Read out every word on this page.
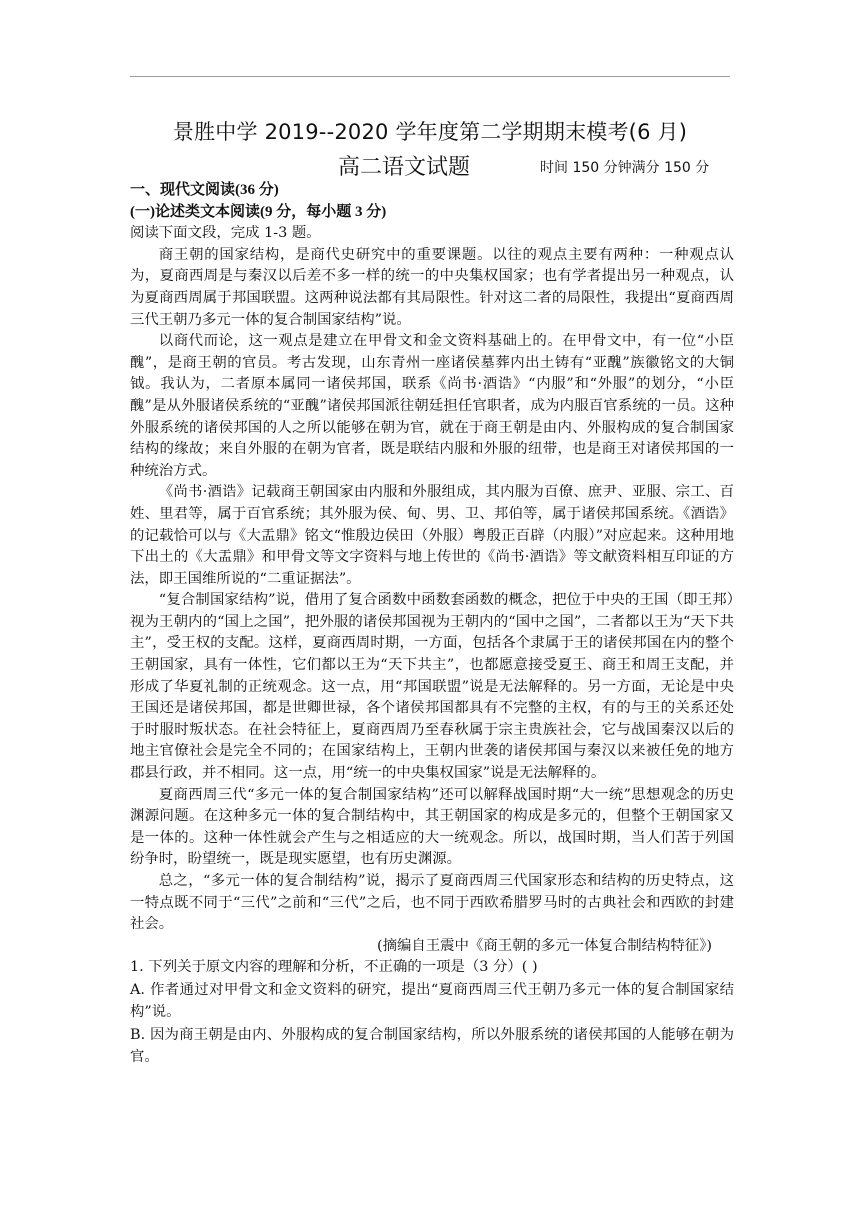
景胜中学 2019--2020 学年度第二学期期末模考(6 月)
高二语文试题	时间 150 分钟满分 150 分
一、现代文阅读(36 分)
(一)论述类文本阅读(9 分，每小题 3 分)

阅读下面文段，完成 1-3 题。

商王朝的国家结构，是商代史研究中的重要课题。以往的观点主要有两种：一种观点认为，夏商西周是与秦汉以后差不多一样的统一的中央集权国家；也有学者提出另一种观点，认为夏商西周属于邦国联盟。这两种说法都有其局限性。针对这二者的局限性，我提出“夏商西周三代王朝乃多元一体的复合制国家结构”说。

以商代而论，这一观点是建立在甲骨文和金文资料基础上的。在甲骨文中，有一位“小臣醜”，是商王朝的官员。考古发现，山东青州一座诸侯墓葬内出土铸有“亚醜”族徽铭文的大铜钺。我认为，二者原本属同一诸侯邦国，联系《尚书·酒诰》“内服”和“外服”的划分，“小臣醜”是从外服诸侯系统的“亚醜”诸侯邦国派往朝廷担任官职者，成为内服百官系统的一员。这种外服系统的诸侯邦国的人之所以能够在朝为官，就在于商王朝是由内、外服构成的复合制国家结构的缘故；来自外服的在朝为官者，既是联结内服和外服的纽带，也是商王对诸侯邦国的一种统治方式。

《尚书·酒诰》记载商王朝国家由内服和外服组成，其内服为百僚、庶尹、亚服、宗工、百姓、里君等，属于百官系统；其外服为侯、甸、男、卫、邦伯等，属于诸侯邦国系统。《酒诰》的记载恰可以与《大盂鼎》铭文“惟殷边侯田（外服）粤殷正百辟（内服）”对应起来。这种用地下出土的《大盂鼎》和甲骨文等文字资料与地上传世的《尚书·酒诰》等文献资料相互印证的方法，即王国维所说的“二重证据法”。

“复合制国家结构”说，借用了复合函数中函数套函数的概念，把位于中央的王国（即王邦）视为王朝内的“国上之国”，把外服的诸侯邦国视为王朝内的“国中之国”，二者都以王为“天下共主”，受王权的支配。这样，夏商西周时期，一方面，包括各个隶属于王的诸侯邦国在内的整个王朝国家，具有一体性，它们都以王为“天下共主”，也都愿意接受夏王、商王和周王支配，并形成了华夏礼制的正统观念。这一点，用“邦国联盟”说是无法解释的。另一方面，无论是中央王国还是诸侯邦国，都是世卿世禄，各个诸侯邦国都具有不完整的主权，有的与王的关系还处于时服时叛状态。在社会特征上，夏商西周乃至春秋属于宗主贵族社会，它与战国秦汉以后的地主官僚社会是完全不同的；在国家结构上，王朝内世袭的诸侯邦国与秦汉以来被任免的地方郡县行政，并不相同。这一点，用“统一的中央集权国家”说是无法解释的。

夏商西周三代“多元一体的复合制国家结构”还可以解释战国时期“大一统”思想观念的历史渊源问题。在这种多元一体的复合制结构中，其王朝国家的构成是多元的，但整个王朝国家又是一体的。这种一体性就会产生与之相适应的大一统观念。所以，战国时期，当人们苦于列国纷争时，盼望统一，既是现实愿望，也有历史渊源。

总之，“多元一体的复合制结构”说，揭示了夏商西周三代国家形态和结构的历史特点，这一特点既不同于“三代”之前和“三代”之后，也不同于西欧希腊罗马时的古典社会和西欧的封建社会。

(摘编自王震中《商王朝的多元一体复合制结构特征》)

1. 下列关于原文内容的理解和分析，不正确的一项是（3 分）( )

A. 作者通过对甲骨文和金文资料的研究，提出“夏商西周三代王朝乃多元一体的复合制国家结构”说。

B. 因为商王朝是由内、外服构成的复合制国家结构，所以外服系统的诸侯邦国的人能够在朝为官。
